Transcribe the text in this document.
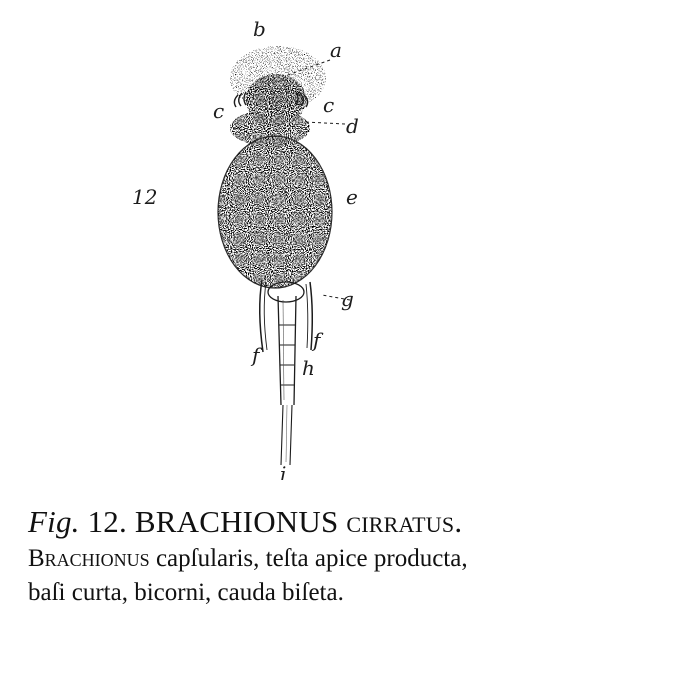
a
b
c	c
d
e
f
f
g
h
i
12
Fig. 12. BRACHIONUS cirratus.
Brachionus capſularis, teſta apice producta,
baſi curta, bicorni, cauda biſeta.
